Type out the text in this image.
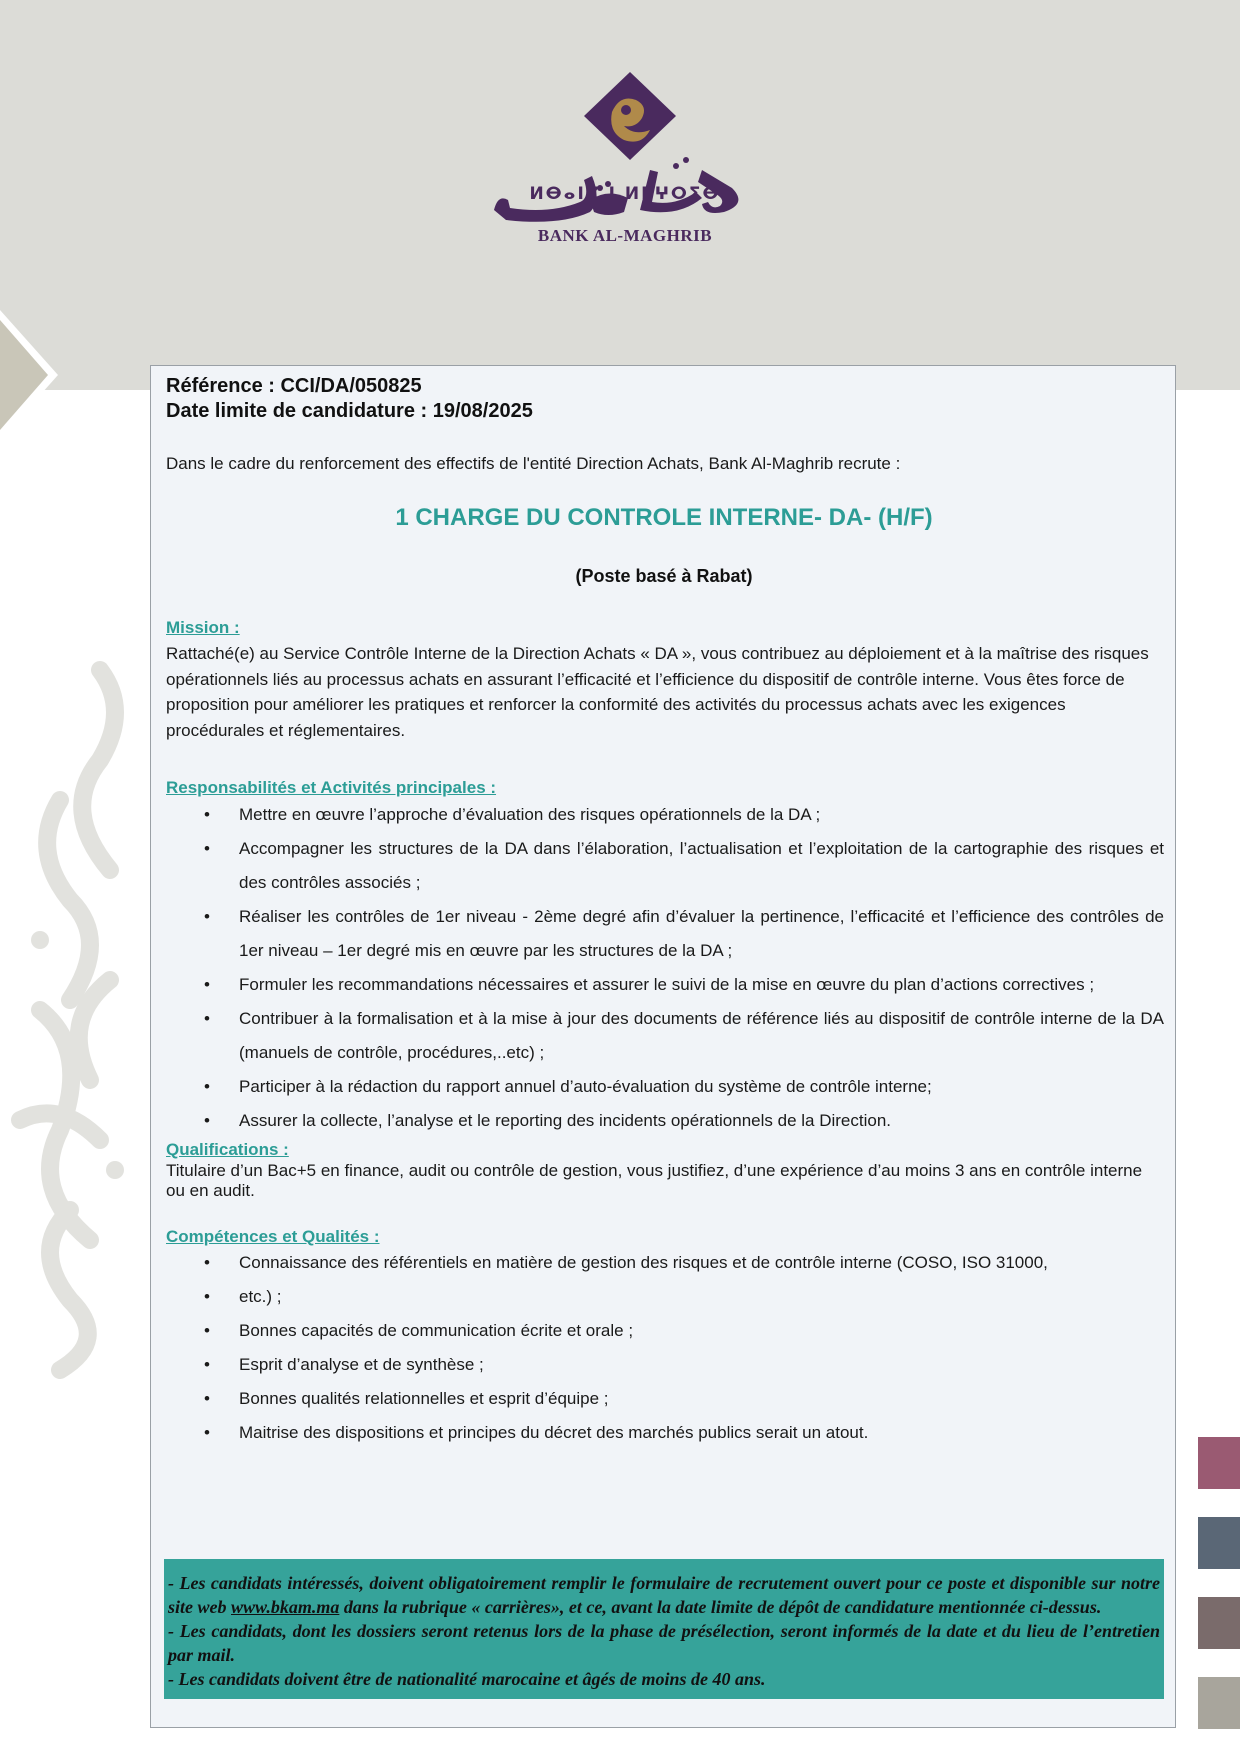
ⵍⴱⴰⵏⴽ ⵏ ⵍⵎⵖⵔⵉⴱ
BANK AL-MAGHRIB
Référence : CCI/DA/050825
Date limite de candidature : 19/08/2025
Dans le cadre du renforcement des effectifs de l'entité Direction Achats, Bank Al-Maghrib recrute :
1 CHARGE DU CONTROLE INTERNE- DA- (H/F)
(Poste basé à Rabat)
Mission :
Rattaché(e) au Service Contrôle Interne de la Direction Achats « DA », vous contribuez au déploiement et à la maîtrise des risques opérationnels liés au processus achats en assurant l’efficacité et l’efficience du dispositif de contrôle interne. Vous êtes force de proposition pour améliorer les pratiques et renforcer la conformité des activités du processus achats avec les exigences procédurales et réglementaires.
Responsabilités et Activités principales :
• Mettre en œuvre l’approche d’évaluation des risques opérationnels de la DA ;
• Accompagner les structures de la DA dans l’élaboration, l’actualisation et l’exploitation de la cartographie des risques et des contrôles associés ;
• Réaliser les contrôles de 1er niveau - 2ème degré afin d’évaluer la pertinence, l’efficacité et l’efficience des contrôles de 1er niveau – 1er degré mis en œuvre par les structures de la DA ;
• Formuler les recommandations nécessaires et assurer le suivi de la mise en œuvre du plan d’actions correctives ;
• Contribuer à la formalisation et à la mise à jour des documents de référence liés au dispositif de contrôle interne de la DA (manuels de contrôle, procédures,..etc) ;
• Participer à la rédaction du rapport annuel d’auto-évaluation du système de contrôle interne;
• Assurer la collecte, l’analyse et le reporting des incidents opérationnels de la Direction.
Qualifications :
Titulaire d’un Bac+5 en finance, audit ou contrôle de gestion, vous justifiez, d’une expérience d’au moins 3 ans en contrôle interne ou en audit.
Compétences et Qualités :
• Connaissance des référentiels en matière de gestion des risques et de contrôle interne (COSO, ISO 31000,
• etc.) ;
• Bonnes capacités de communication écrite et orale ;
• Esprit d’analyse et de synthèse ;
• Bonnes qualités relationnelles et esprit d’équipe ;
• Maitrise des dispositions et principes du décret des marchés publics serait un atout.
- Les candidats intéressés, doivent obligatoirement remplir le formulaire de recrutement ouvert pour ce poste et disponible sur notre site web www.bkam.ma dans la rubrique « carrières», et ce, avant la date limite de dépôt de candidature mentionnée ci-dessus.
- Les candidats, dont les dossiers seront retenus lors de la phase de présélection, seront informés de la date et du lieu de l’entretien par mail.
- Les candidats doivent être de nationalité marocaine et âgés de moins de 40 ans.
